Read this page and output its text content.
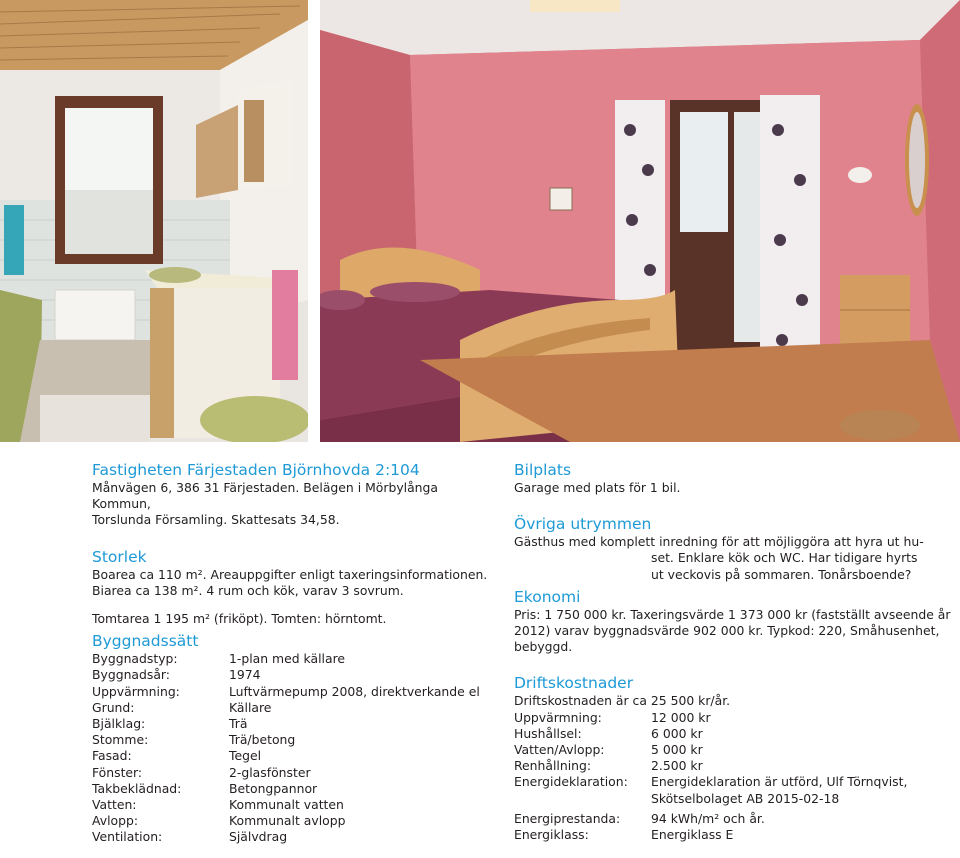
Fastigheten Färjestaden Björnhovda 2:104

Månvägen 6, 386 31 Färjestaden. Belägen i Mörbylånga Kommun,

Torslunda Församling. Skattesats 34,58.

Storlek

Boarea ca 110 m². Areauppgifter enligt taxeringsinformationen.

Biarea ca 138 m². 4 rum och kök, varav 3 sovrum.

Tomtarea 1 195 m² (friköpt). Tomten: hörntomt.

Byggnadssätt
Byggnadstyp:	1-plan med källare
Byggnadsår:	1974
Uppvärmning:	Luftvärmepump 2008, direktverkande el
Grund:	Källare
Bjälklag:	Trä
Stomme:	Trä/betong
Fasad:	Tegel
Fönster:	2-glasfönster
Takbeklädnad:	Betongpannor
Vatten:	Kommunalt vatten
Avlopp:	Kommunalt avlopp
Ventilation:	Självdrag
Bilplats

Garage med plats för 1 bil.

Övriga utrymmen

Gästhus med komplett inredning för att möjliggöra att hyra ut hu-

set. Enklare kök och WC. Har tidigare hyrts

ut veckovis på sommaren. Tonårsboende?

Ekonomi

Pris: 1 750 000 kr. Taxeringsvärde 1 373 000 kr (fastställt avseende år

2012) varav byggnadsvärde 902 000 kr. Typkod: 220, Småhusenhet,

bebyggd.

Driftskostnader

Driftskostnaden är ca 25 500 kr/år.

Uppvärmning:	12 000 kr
Hushållsel:	6 000 kr
Vatten/Avlopp:	5 000 kr
Renhållning:	2.500 kr
Energideklaration:	Energideklaration är utförd, Ulf Törnqvist,

Skötselbolaget AB 2015-02-18

Energiprestanda:	94 kWh/m² och år.
Energiklass:	Energiklass E
